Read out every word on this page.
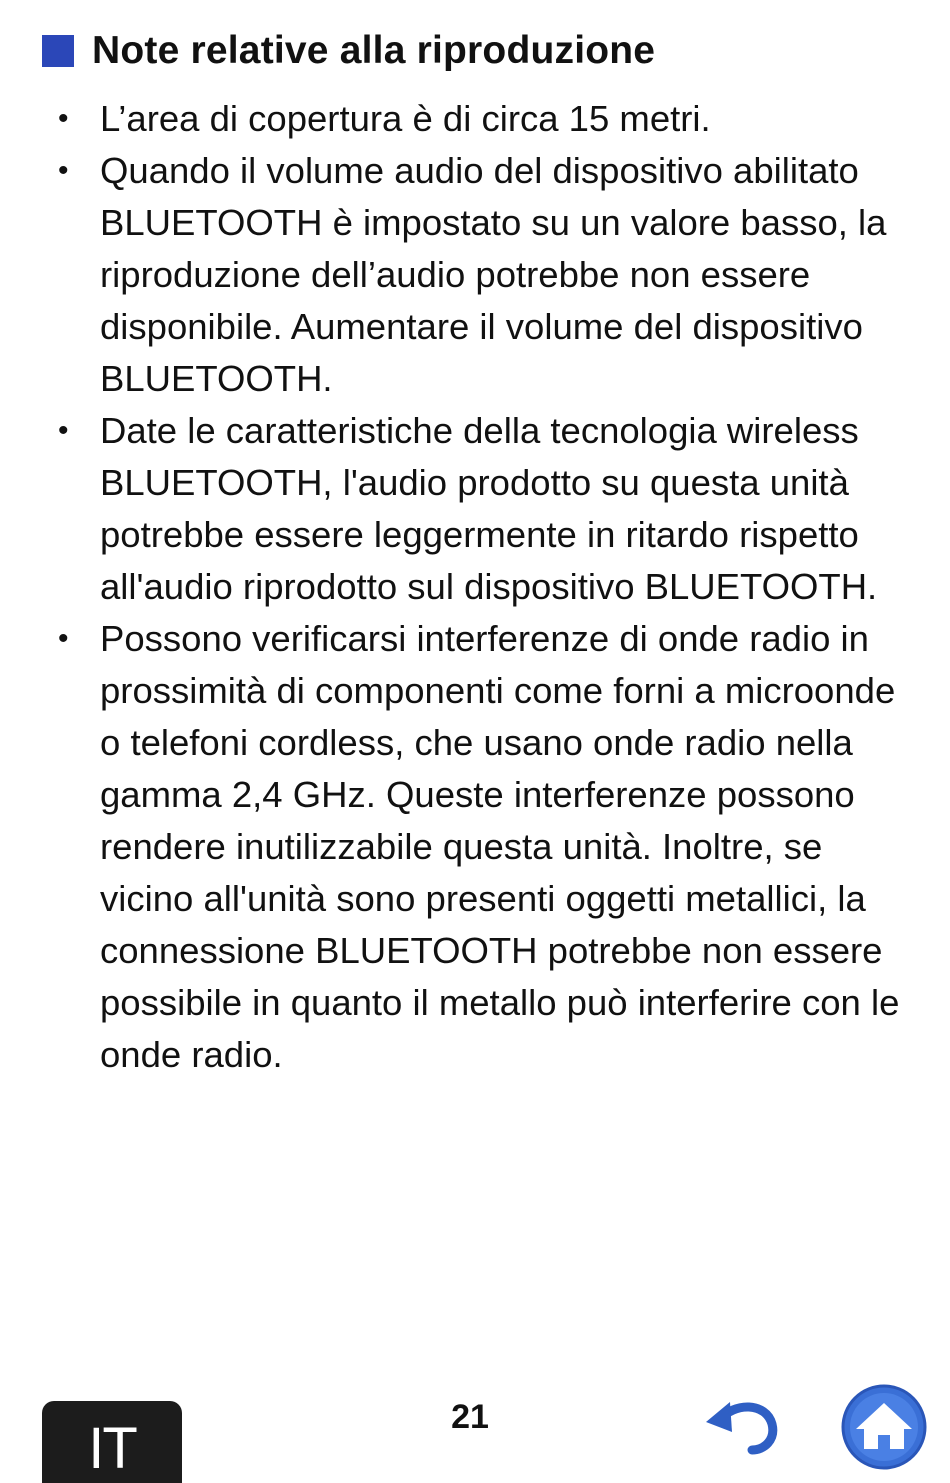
Note relative alla riproduzione
• L’area di copertura è di circa 15 metri.
• Quando il volume audio del dispositivo abilitato BLUETOOTH è impostato su un valore basso, la riproduzione dell’audio potrebbe non essere disponibile. Aumentare il volume del dispositivo BLUETOOTH.
• Date le caratteristiche della tecnologia wireless BLUETOOTH, l'audio prodotto su questa unità potrebbe essere leggermente in ritardo rispetto all'audio riprodotto sul dispositivo BLUETOOTH.
• Possono verificarsi interferenze di onde radio in prossimità di componenti come forni a microonde o telefoni cordless, che usano onde radio nella gamma 2,4 GHz. Queste interferenze possono rendere inutilizzabile questa unità. Inoltre, se vicino all'unità sono presenti oggetti metallici, la connessione BLUETOOTH potrebbe non essere possibile in quanto il metallo può interferire con le onde radio.
IT	21
